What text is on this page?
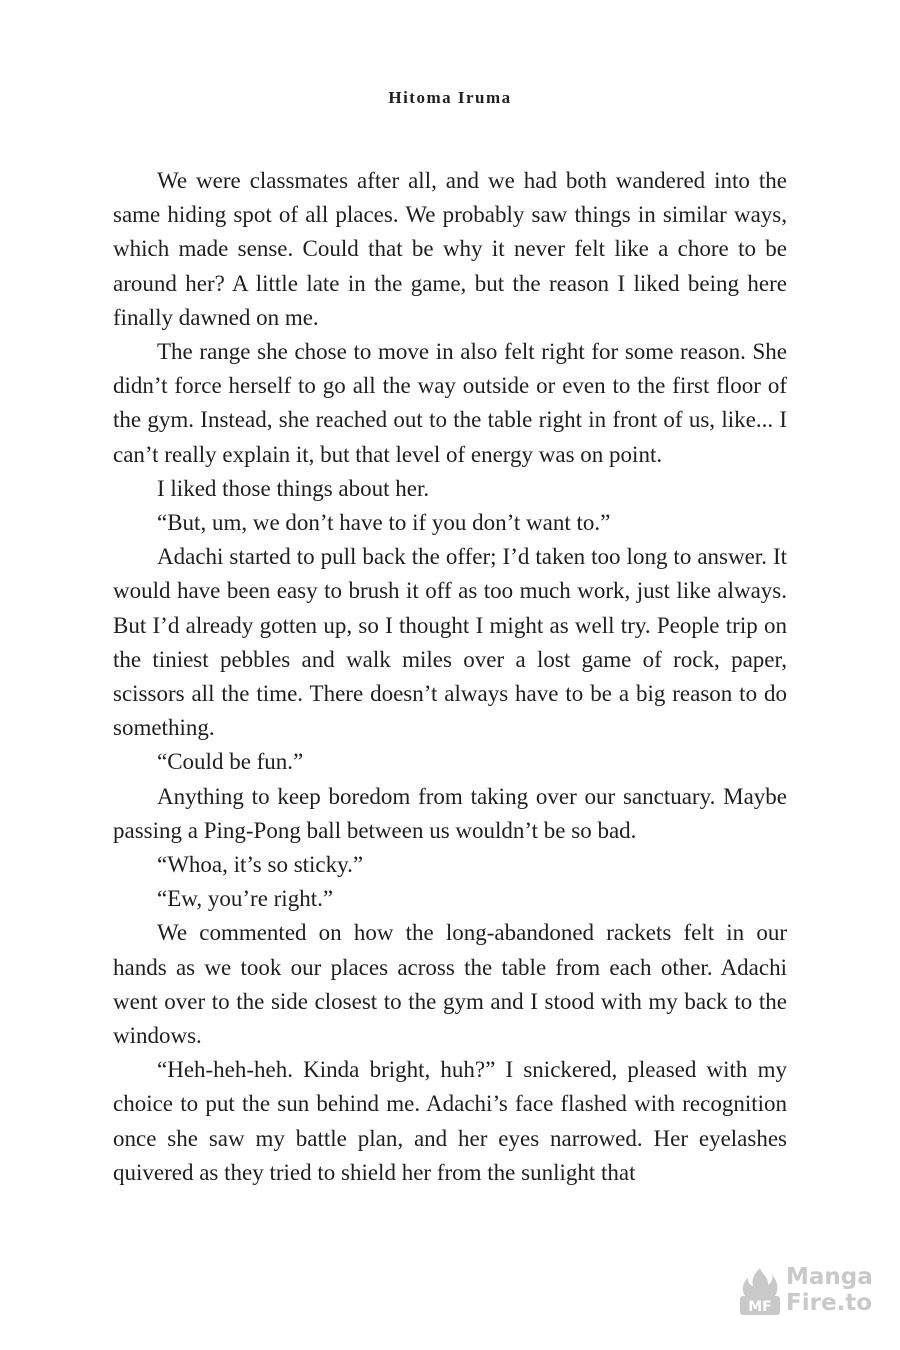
Hitoma Iruma

We were classmates after all, and we had both wandered into the same hiding spot of all places. We probably saw things in similar ways, which made sense. Could that be why it never felt like a chore to be around her? A little late in the game, but the reason I liked being here finally dawned on me.

The range she chose to move in also felt right for some reason. She didn’t force herself to go all the way outside or even to the first floor of the gym. Instead, she reached out to the table right in front of us, like... I can’t really explain it, but that level of energy was on point.

I liked those things about her.

“But, um, we don’t have to if you don’t want to.”

Adachi started to pull back the offer; I’d taken too long to answer. It would have been easy to brush it off as too much work, just like always. But I’d already gotten up, so I thought I might as well try. People trip on the tiniest pebbles and walk miles over a lost game of rock, paper, scissors all the time. There doesn’t always have to be a big reason to do something.

“Could be fun.”

Anything to keep boredom from taking over our sanctuary. Maybe passing a Ping-Pong ball between us wouldn’t be so bad.

“Whoa, it’s so sticky.”

“Ew, you’re right.”

We commented on how the long-abandoned rackets felt in our hands as we took our places across the table from each other. Adachi went over to the side closest to the gym and I stood with my back to the windows.

“Heh-heh-heh. Kinda bright, huh?” I snickered, pleased with my choice to put the sun behind me. Adachi’s face flashed with recognition once she saw my battle plan, and her eyes narrowed. Her eyelashes quivered as they tried to shield her from the sunlight that

MF
Manga
Fire.to
